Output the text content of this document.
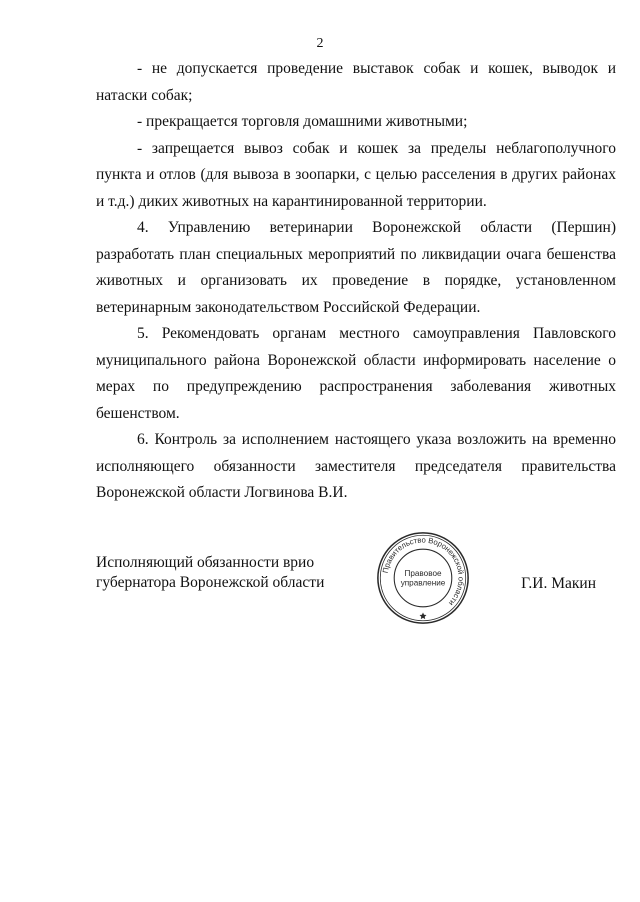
2

- не допускается проведение выставок собак и кошек, выводок и натаски собак;

- прекращается торговля домашними животными;

- запрещается вывоз собак и кошек за пределы неблагополучного пункта и отлов (для вывоза в зоопарки, с целью расселения в других районах и т.д.) диких животных на карантинированной территории.

4. Управлению ветеринарии Воронежской области (Першин) разработать план специальных мероприятий по ликвидации очага бешенства животных и организовать их проведение в порядке, установленном ветеринарным законодательством Российской Федерации.

5. Рекомендовать органам местного самоуправления Павловского муниципального района Воронежской области информировать население о мерах по предупреждению распространения заболевания животных бешенством.

6. Контроль за исполнением настоящего указа возложить на временно исполняющего обязанности заместителя председателя правительства Воронежской области Логвинова В.И.

Исполняющий обязанности врио
губернатора Воронежской области	Г.И. Макин
Правительство Воронежской области
Правовое
управление
